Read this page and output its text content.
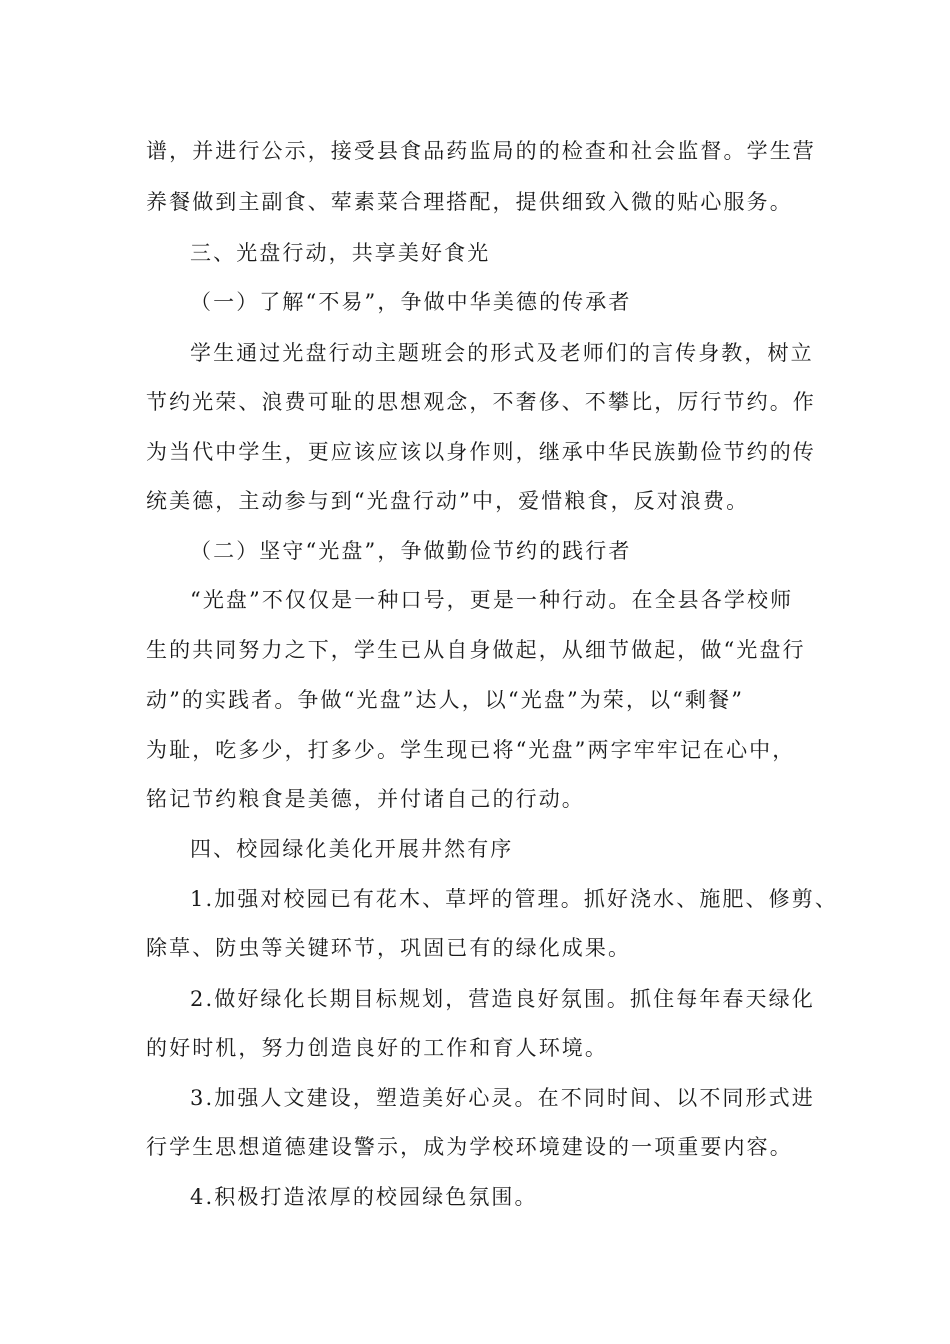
谱，并进行公示，接受县食品药监局的的检查和社会监督。学生营
养餐做到主副食、荤素菜合理搭配，提供细致入微的贴心服务。
三、光盘行动，共享美好食光
（一）了解“不易”，争做中华美德的传承者
学生通过光盘行动主题班会的形式及老师们的言传身教，树立
节约光荣、浪费可耻的思想观念，不奢侈、不攀比，厉行节约。作
为当代中学生，更应该应该以身作则，继承中华民族勤俭节约的传
统美德，主动参与到“光盘行动”中，爱惜粮食，反对浪费。
（二）坚守“光盘”，争做勤俭节约的践行者
“光盘”不仅仅是一种口号，更是一种行动。在全县各学校师
生的共同努力之下，学生已从自身做起，从细节做起，做“光盘行
动”的实践者。争做“光盘”达人，以“光盘”为荣，以“剩餐”
为耻，吃多少，打多少。学生现已将“光盘”两字牢牢记在心中，
铭记节约粮食是美德，并付诸自己的行动。
四、校园绿化美化开展井然有序
1.加强对校园已有花木、草坪的管理。抓好浇水、施肥、修剪、
除草、防虫等关键环节，巩固已有的绿化成果。
2.做好绿化长期目标规划，营造良好氛围。抓住每年春天绿化
的好时机，努力创造良好的工作和育人环境。
3.加强人文建设，塑造美好心灵。在不同时间、以不同形式进
行学生思想道德建设警示，成为学校环境建设的一项重要内容。
4.积极打造浓厚的校园绿色氛围。
